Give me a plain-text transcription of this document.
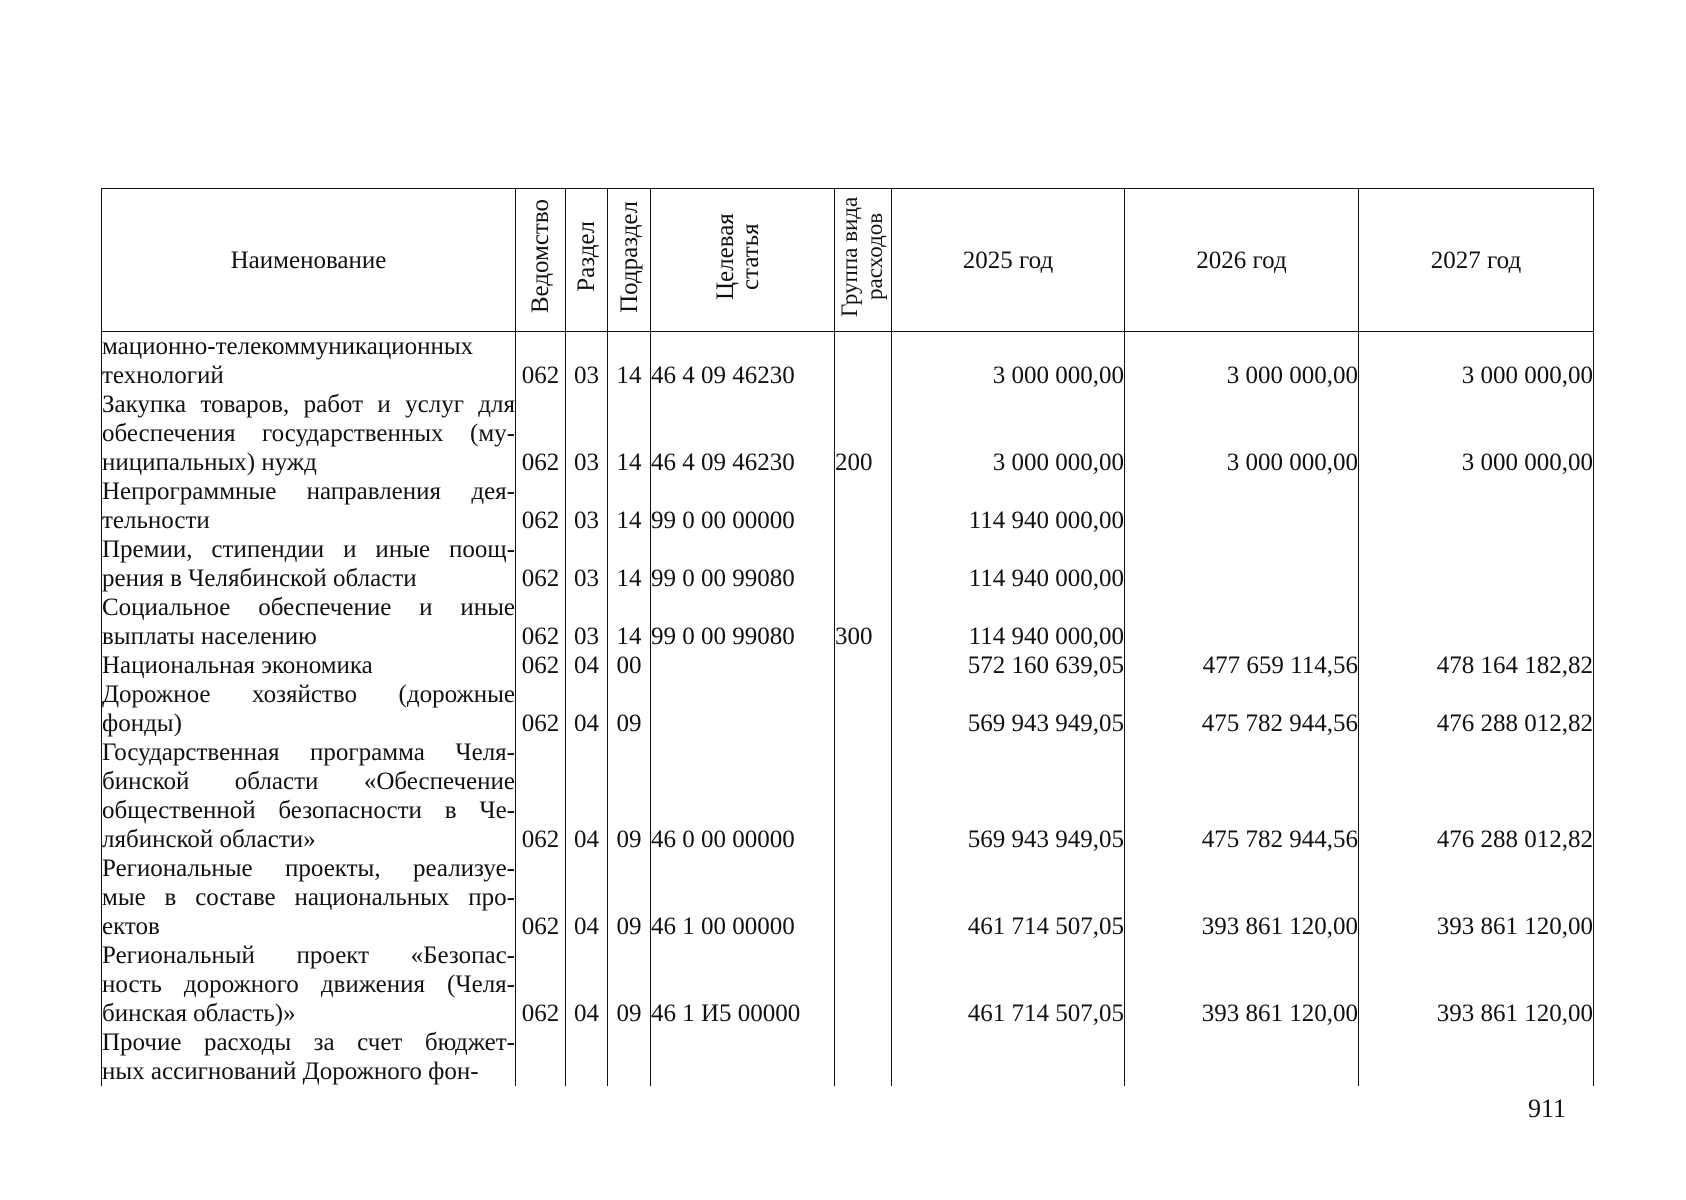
Наименование	Ведомство	Раздел	Подраздел	Целевая статья	Группа вида расходов	2025 год	2026 год	2027 год

мационно-телекоммуникационных
технологий	062	03	14	46 4 09 46230		3 000 000,00	3 000 000,00	3 000 000,00

Закупка товаров, работ и услуг для
обеспечения государственных (му-
ниципальных) нужд	062	03	14	46 4 09 46230	200	3 000 000,00	3 000 000,00	3 000 000,00

Непрограммные направления дея-
тельности	062	03	14	99 0 00 00000		114 940 000,00		

Премии, стипендии и иные поощ-
рения в Челябинской области	062	03	14	99 0 00 99080		114 940 000,00		

Социальное обеспечение и иные
выплаты населению	062	03	14	99 0 00 99080	300	114 940 000,00		

Национальная экономика	062	04	00			572 160 639,05	477 659 114,56	478 164 182,82

Дорожное хозяйство (дорожные
фонды)	062	04	09			569 943 949,05	475 782 944,56	476 288 012,82

Государственная программа Челя-
бинской области «Обеспечение
общественной безопасности в Че-
лябинской области»	062	04	09	46 0 00 00000		569 943 949,05	475 782 944,56	476 288 012,82

Региональные проекты, реализуе-
мые в составе национальных про-
ектов	062	04	09	46 1 00 00000		461 714 507,05	393 861 120,00	393 861 120,00

Региональный проект «Безопас-
ность дорожного движения (Челя-
бинская область)»	062	04	09	46 1 И5 00000		461 714 507,05	393 861 120,00	393 861 120,00

Прочие расходы за счет бюджет-
ных ассигнований Дорожного фон-								

911
